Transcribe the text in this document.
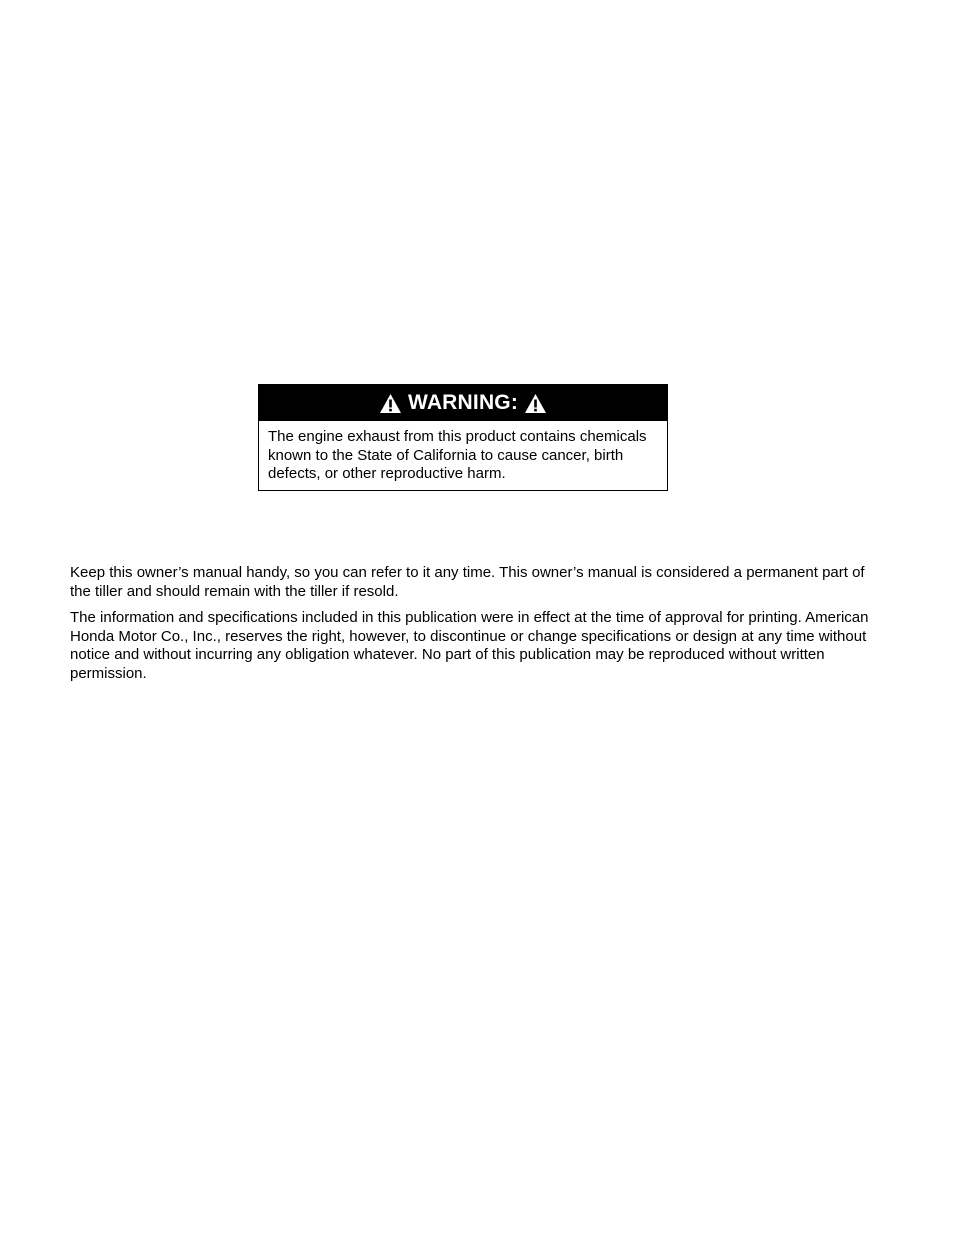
WARNING:
The engine exhaust from this product contains chemicals known to the State of California to cause cancer, birth defects, or other reproductive harm.

Keep this owner’s manual handy, so you can refer to it any time. This owner’s manual is considered a permanent part of the tiller and should remain with the tiller if resold.

The information and specifications included in this publication were in effect at the time of approval for printing. American Honda Motor Co., Inc., reserves the right, however, to discontinue or change specifications or design at any time without notice and without incurring any obligation whatever. No part of this publication may be reproduced without written permission.
